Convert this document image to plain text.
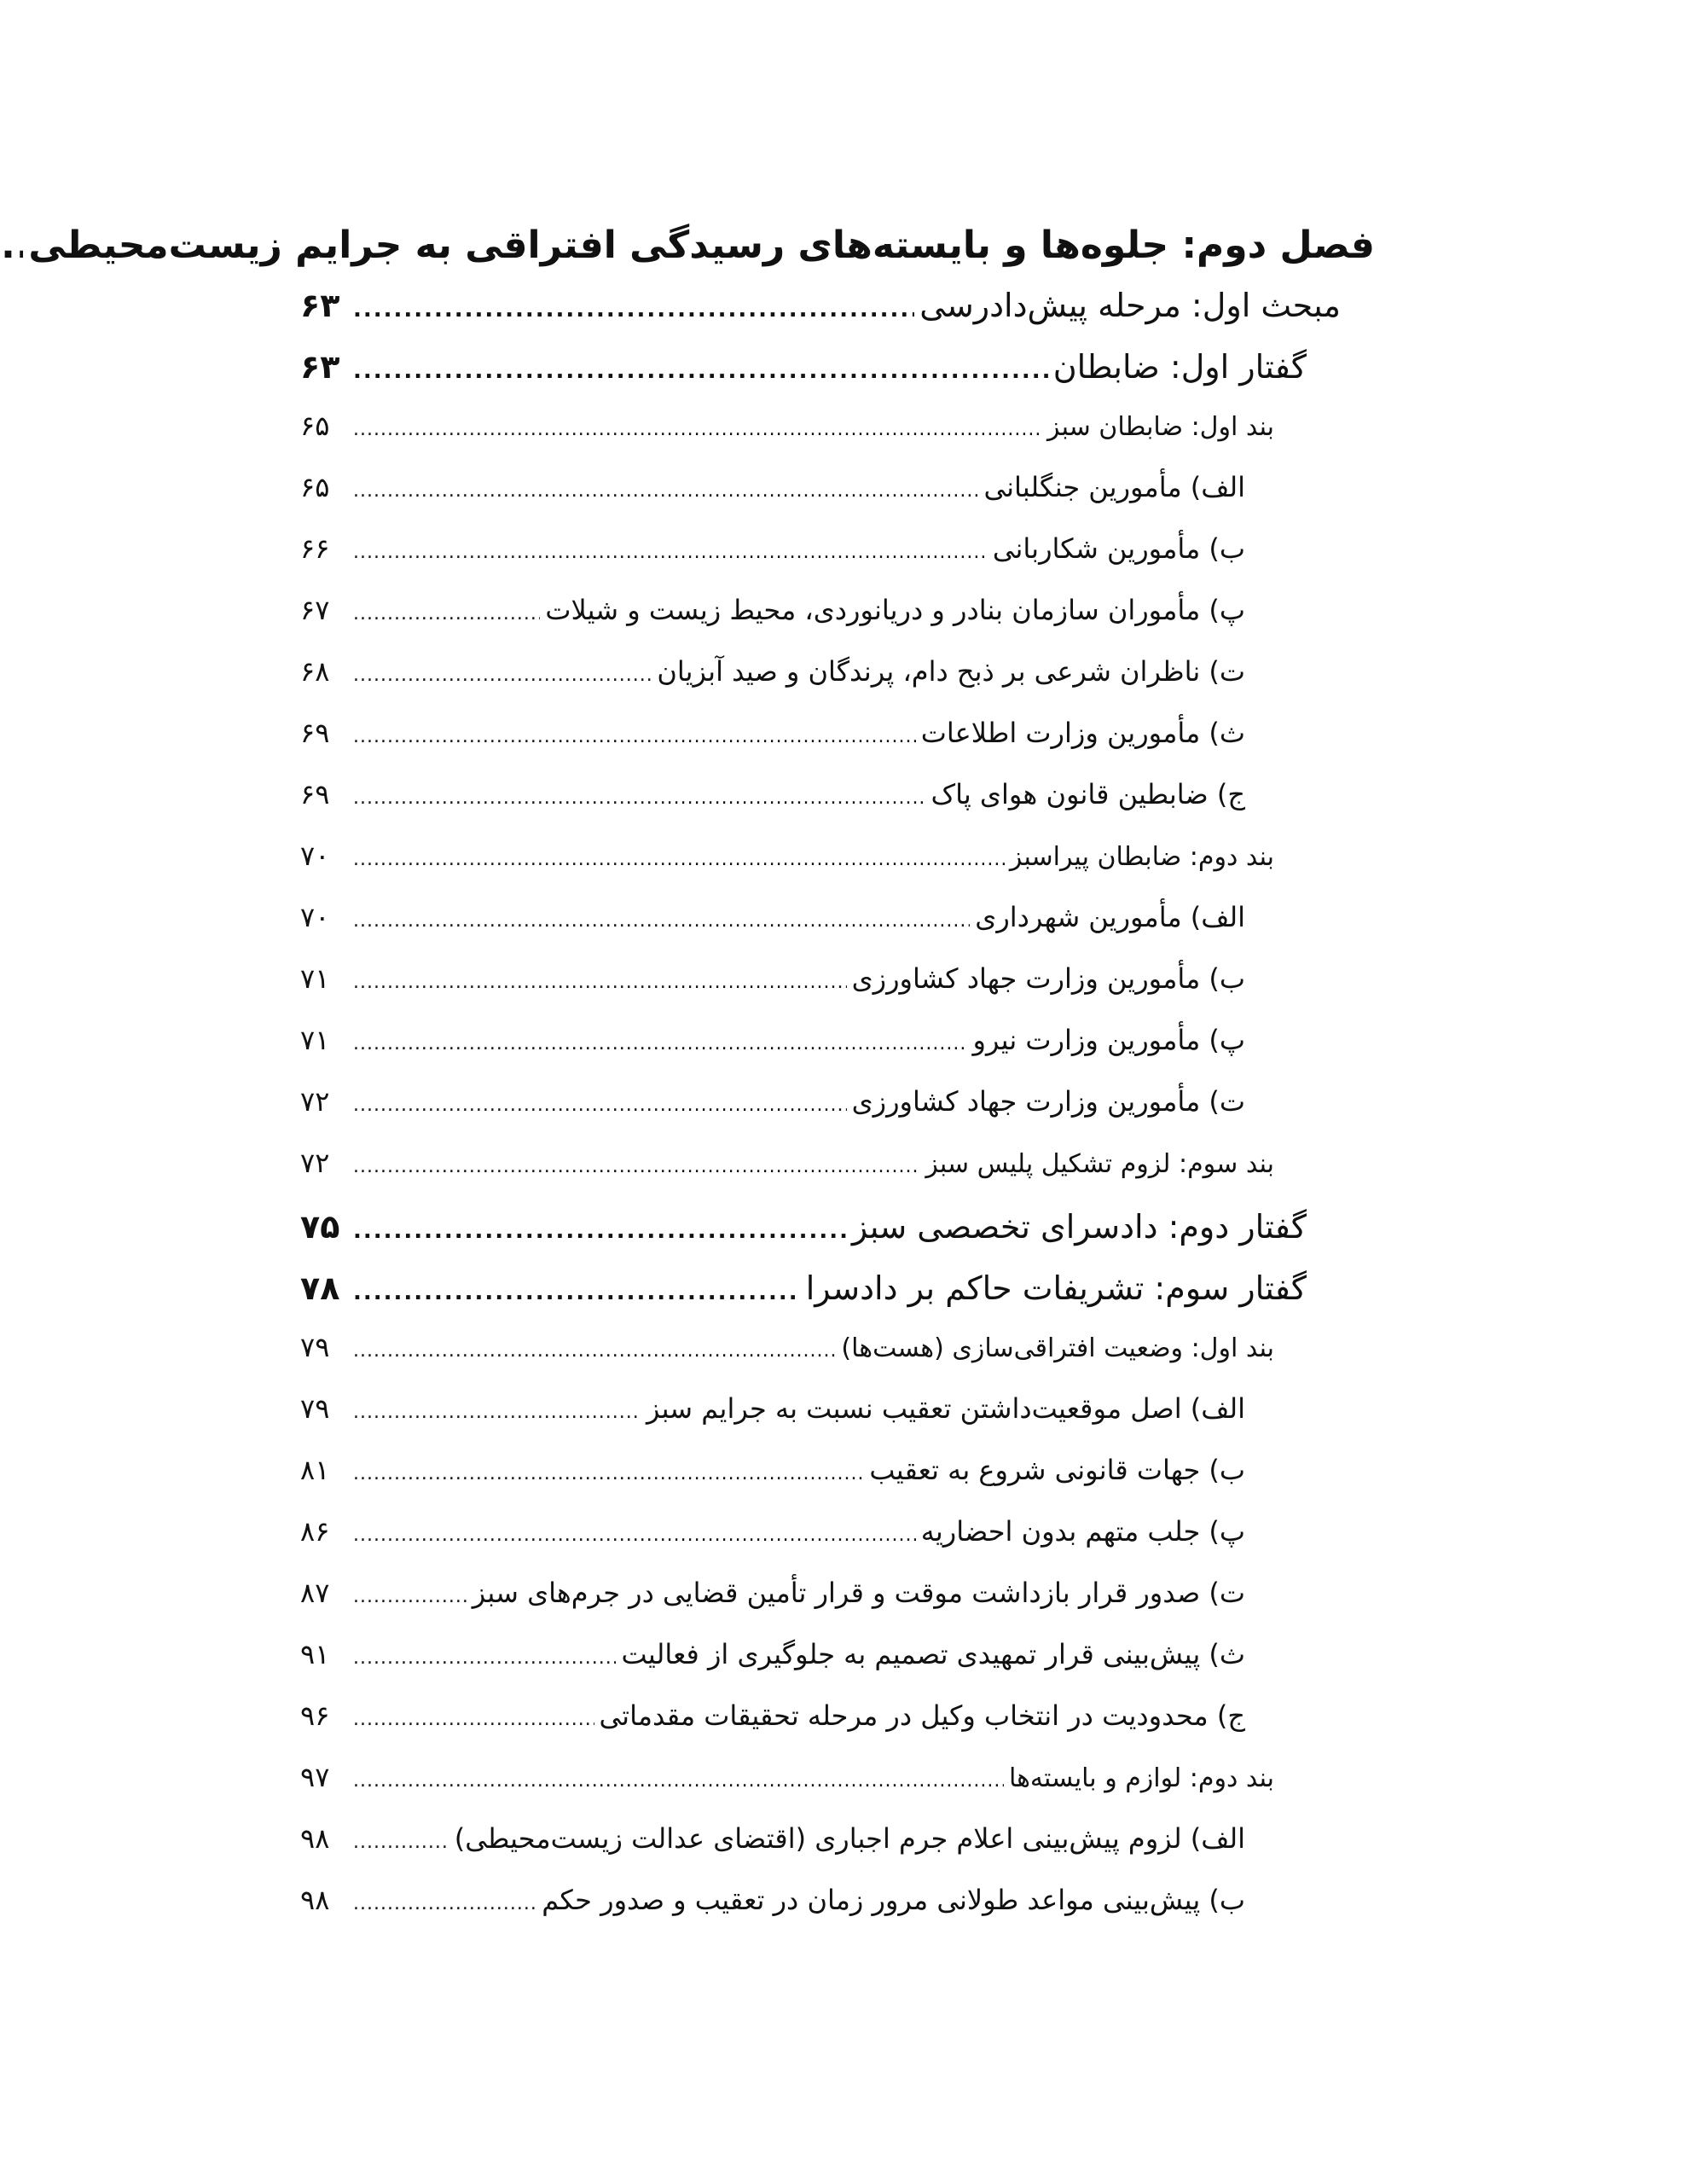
فصل دوم: جلوه‌ها و بایسته‌های رسیدگی افتراقی به جرایم زیست‌محیطی
.....
مبحث اول: مرحله پیش‌دادرسی
.....
۶۳
گفتار اول: ضابطان
.....
۶۳
بند اول: ضابطان سبز
.....
۶۵
الف) مأمورین جنگلبانی
.....
۶۵
ب) مأمورین شکاربانی
.....
۶۶
پ) مأموران سازمان بنادر و دریانوردی، محیط زیست و شیلات
.....
۶۷
ت) ناظران شرعی بر ذبح دام، پرندگان و صید آبزیان
.....
۶۸
ث) مأمورین وزارت اطلاعات
.....
۶۹
ج) ضابطین قانون هوای پاک
.....
۶۹
بند دوم: ضابطان پیراسبز
.....
۷۰
الف) مأمورین شهرداری
.....
۷۰
ب) مأمورین وزارت جهاد کشاورزی
.....
۷۱
پ) مأمورین وزارت نیرو
.....
۷۱
ت) مأمورین وزارت جهاد کشاورزی
.....
۷۲
بند سوم: لزوم تشکیل پلیس سبز
.....
۷۲
گفتار دوم: دادسرای تخصصی سبز
.....
۷۵
گفتار سوم: تشریفات حاکم بر دادسرا
.....
۷۸
بند اول: وضعیت افتراقی‌سازی (هست‌ها)
.....
۷۹
الف) اصل موقعیت‌داشتن تعقیب نسبت به جرایم سبز
.....
۷۹
ب) جهات قانونی شروع به تعقیب
.....
۸۱
پ) جلب متهم بدون احضاریه
.....
۸۶
ت) صدور قرار بازداشت موقت و قرار تأمین قضایی در جرم‌های سبز
.....
۸۷
ث) پیش‌بینی قرار تمهیدی تصمیم به جلوگیری از فعالیت
.....
۹۱
ج) محدودیت در انتخاب وکیل در مرحله تحقیقات مقدماتی
.....
۹۶
بند دوم: لوازم و بایسته‌ها
.....
۹۷
الف) لزوم پیش‌بینی اعلام جرم اجباری (اقتضای عدالت زیست‌محیطی)
.....
۹۸
ب) پیش‌بینی مواعد طولانی مرور زمان در تعقیب و صدور حکم
.....
۹۸
